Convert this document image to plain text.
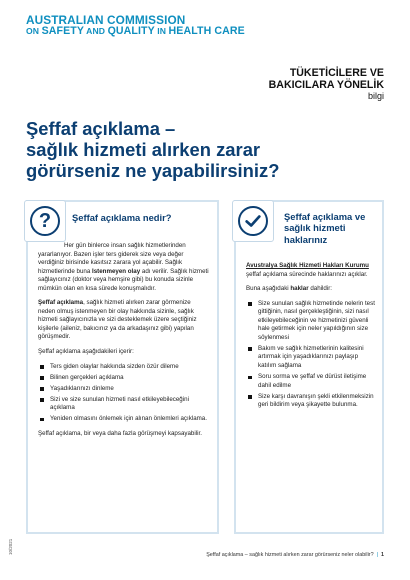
AUSTRALIAN COMMISSION
ON SAFETY AND QUALITY IN HEALTH CARE
TÜKETİCİLERE VE
BAKICILARA YÖNELİK
bilgi
Şeffaf açıklama –
sağlık hizmeti alırken zarar
görürseniz ne yapabilirsiniz?
?	Şeffaf açıklama nedir?

Her gün binlerce insan sağlık hizmetlerinden yararlanıyor. Bazen işler ters giderek size veya değer verdiğiniz birisinde kasıtsız zarara yol açabilir. Sağlık hizmetlerinde buna Istenmeyen olay adı verilir. Sağlık hizmeti sağlayıcınız (doktor veya hemşire gibi) bu konuda sizinle mümkün olan en kısa sürede konuşmalıdır.

Şeffaf açıklama, sağlık hizmeti alırken zarar görmenize neden olmuş istenmeyen bir olay hakkında sizinle, sağlık hizmeti sağlayıcınızla ve sizi desteklemek üzere seçtiğiniz kişilerle (aileniz, bakıcınız ya da arkadaşınız gibi) yapılan görüşmedir.

Şeffaf açıklama aşağıdakileri içerir:

Ters giden olaylar hakkında sizden özür dileme
Bilinen gerçekleri açıklama
Yaşadıklarınızı dinleme
Sizi ve size sunulan hizmeti nasıl etkileyebileceğini açıklama
Yeniden olmasını önlemek için alınan önlemleri açıklama.

Şeffaf açıklama, bir veya daha fazla görüşmeyi kapsayabilir.

Şeffaf açıklama ve sağlık hizmeti haklarınız

Avustralya Sağlık Hizmeti Hakları Kurumu şeffaf açıklama sürecinde haklarınızı açıklar.

Buna aşağıdaki haklar dahildir:

Size sunulan sağlık hizmetinde nelerin test gittiğinin, nasıl gerçekleştiğinin, sizi nasıl etkileyebileceğinin ve hizmetinizi güvenli hale getirmek için neler yapıldığının size söylenmesi
Bakım ve sağlık hizmetlerinin kalitesini artırmak için yaşadıklarınızı paylaşıp katılım sağlama
Soru sorma ve şeffaf ve dürüst iletişime dahil edilme
Size karşı davranışın şekli etkilenmeksizin geri bildirim veya şikayette bulunma.
10/2021	Şeffaf açıklama – sağlık hizmeti alırken zarar görürseniz neler olabilir? | 1
